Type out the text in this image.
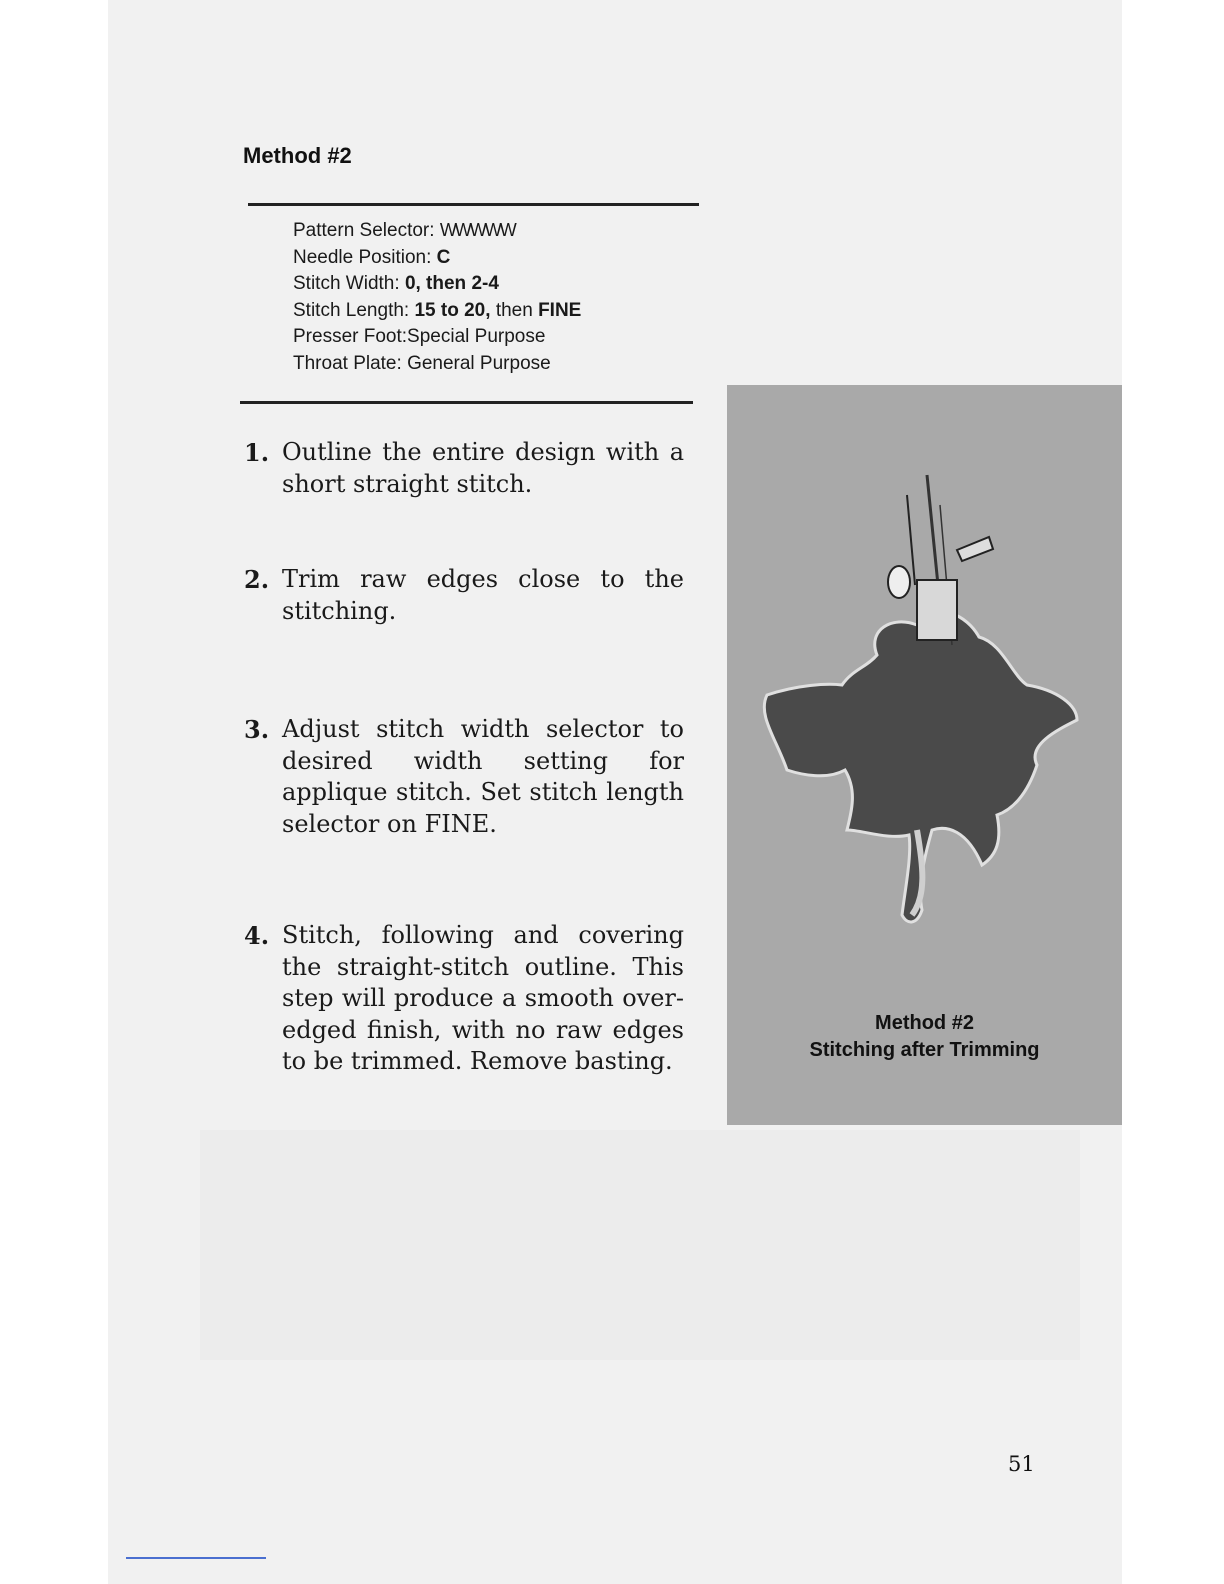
Method #2
Pattern Selector: WWWWW
Needle Position: C
Stitch Width: 0, then 2-4
Stitch Length: 15 to 20, then FINE
Presser Foot:Special Purpose
Throat Plate: General Purpose
1. Outline the entire design with a short straight stitch.
2. Trim raw edges close to the stitching.
3. Adjust stitch width selector to desired width setting for applique stitch. Set stitch length selector on FINE.
4. Stitch, following and covering the straight-stitch outline. This step will produce a smooth over-edged finish, with no raw edges to be trimmed. Remove basting.
Method #2
Stitching after Trimming
51
